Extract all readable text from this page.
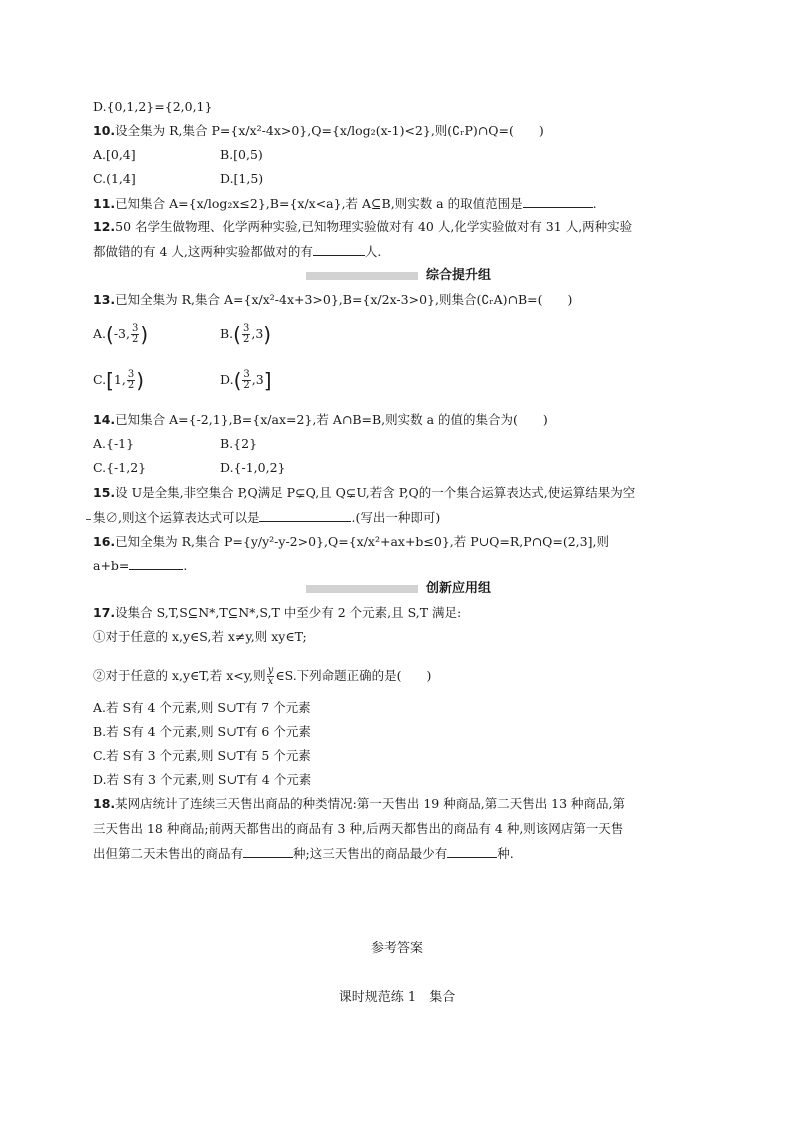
D.{0,1,2}={2,0,1}
10.设全集为 R,集合 P={x/x²-4x>0},Q={x/log₂(x-1)<2},则(∁ᵣP)∩Q=(　　)
A.[0,4]	B.[0,5)
C.(1,4]	D.[1,5)
11.已知集合 A={x/log₂x≤2},B={x/x<a},若 A⊆B,则实数 a 的取值范围是	.
12.50 名学生做物理、化学两种实验,已知物理实验做对有 40 人,化学实验做对有 31 人,两种实验
都做错的有 4 人,这两种实验都做对的有	人.
综合提升组
13.已知全集为 R,集合 A={x/x²-4x+3>0},B={x/2x-3>0},则集合(∁ᵣA)∩B=(　　)
A.(-3, $\frac{3}{2}$ )	$B.( \frac{3}{2} ,3)$
C.[1, $\frac{3}{2}$ )	$D.( \frac{3}{2} ,3]$
14.已知集合 A={-2,1},B={x/ax=2},若 A∩B=B,则实数 a 的值的集合为(　　)
A.{-1}	B.{2}
C.{-1,2}	D.{-1,0,2}
15.设 U是全集,非空集合 P,Q满足 P⊊Q,且 Q⊊U,若含 P,Q的一个集合运算表达式,使运算结果为空
集∅,则这个运算表达式可以是	.(写出一种即可)
16.已知全集为 R,集合 P={y/y²-y-2>0},Q={x/x²+ax+b≤0},若 P∪Q=R,P∩Q=(2,3],则
a+b=	.
创新应用组
17.设集合 S,T,S⊆N*,T⊆N*,S,T 中至少有 2 个元素,且 S,T 满足:
①对于任意的 x,y∈S,若 x≠y,则 xy∈T;
②对于任意的 x,y∈T,若 x<y,则 $\frac{y}{x}$ ∈S.下列命题正确的是(　　)
A.若 S有 4 个元素,则 S∪T有 7 个元素
B.若 S有 4 个元素,则 S∪T有 6 个元素
C.若 S有 3 个元素,则 S∪T有 5 个元素
D.若 S有 3 个元素,则 S∪T有 4 个元素
18.某网店统计了连续三天售出商品的种类情况:第一天售出 19 种商品,第二天售出 13 种商品,第
三天售出 18 种商品;前两天都售出的商品有 3 种,后两天都售出的商品有 4 种,则该网店第一天售
出但第二天未售出的商品有	种;这三天售出的商品最少有	种.
参考答案
课时规范练 1　集合
